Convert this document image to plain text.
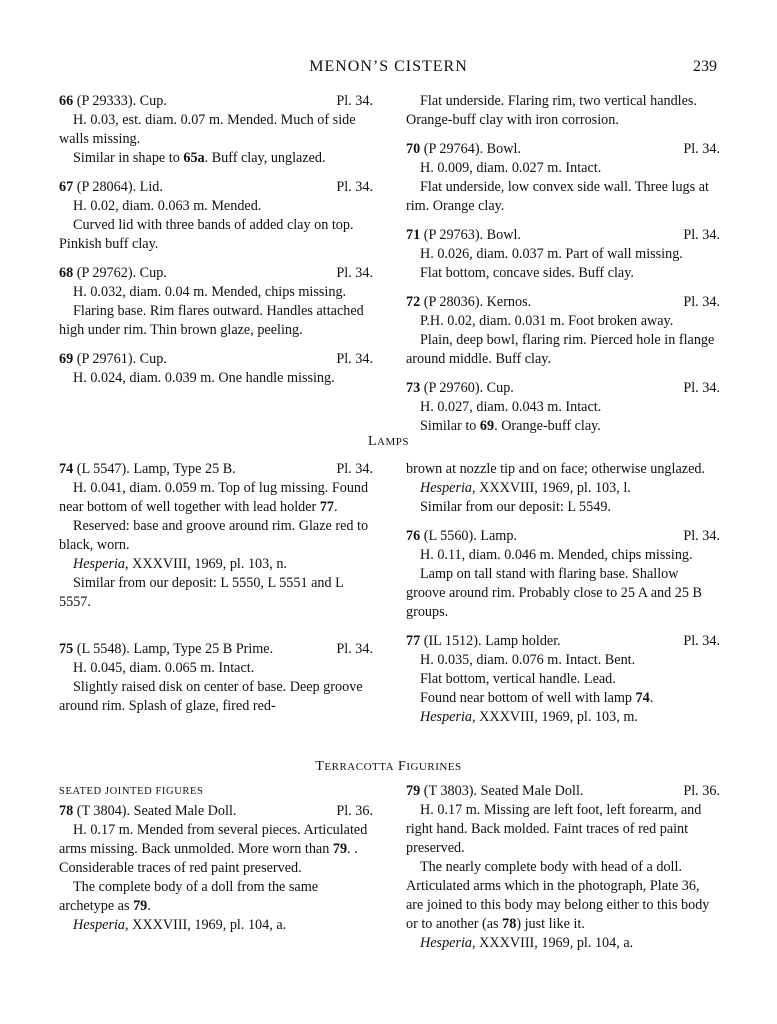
MENON’S CISTERN	239
66 (P 29333). Cup.	Pl. 34.

H. 0.03, est. diam. 0.07 m. Mended. Much of side walls missing.

Similar in shape to 65a. Buff clay, unglazed.

67 (P 28064). Lid.	Pl. 34.

H. 0.02, diam. 0.063 m. Mended.

Curved lid with three bands of added clay on top. Pinkish buff clay.

68 (P 29762). Cup.	Pl. 34.

H. 0.032, diam. 0.04 m. Mended, chips missing.

Flaring base. Rim flares outward. Handles attached high under rim. Thin brown glaze, peeling.

69 (P 29761). Cup.	Pl. 34.

H. 0.024, diam. 0.039 m. One handle missing.

Flat underside. Flaring rim, two vertical handles. Orange-buff clay with iron corrosion.

70 (P 29764). Bowl.	Pl. 34.

H. 0.009, diam. 0.027 m. Intact.

Flat underside, low convex side wall. Three lugs at rim. Orange clay.

71 (P 29763). Bowl.	Pl. 34.

H. 0.026, diam. 0.037 m. Part of wall missing.

Flat bottom, concave sides. Buff clay.

72 (P 28036). Kernos.	Pl. 34.

P.H. 0.02, diam. 0.031 m. Foot broken away.

Plain, deep bowl, flaring rim. Pierced hole in flange around middle. Buff clay.

73 (P 29760). Cup.	Pl. 34.

H. 0.027, diam. 0.043 m. Intact.

Similar to 69. Orange-buff clay.

LAMPS
74 (L 5547). Lamp, Type 25 B.	Pl. 34.

H. 0.041, diam. 0.059 m. Top of lug missing. Found near bottom of well together with lead holder 77.

Reserved: base and groove around rim. Glaze red to black, worn.

Hesperia, XXXVIII, 1969, pl. 103, n.

Similar from our deposit: L 5550, L 5551 and L 5557.

75 (L 5548). Lamp, Type 25 B Prime.	Pl. 34.

H. 0.045, diam. 0.065 m. Intact.

Slightly raised disk on center of base. Deep groove around rim. Splash of glaze, fired red-

brown at nozzle tip and on face; otherwise unglazed.

Hesperia, XXXVIII, 1969, pl. 103, l.

Similar from our deposit: L 5549.

76 (L 5560). Lamp.	Pl. 34.

H. 0.11, diam. 0.046 m. Mended, chips missing.

Lamp on tall stand with flaring base. Shallow groove around rim. Probably close to 25 A and 25 B groups.

77 (IL 1512). Lamp holder.	Pl. 34.

H. 0.035, diam. 0.076 m. Intact. Bent.

Flat bottom, vertical handle. Lead.

Found near bottom of well with lamp 74.

Hesperia, XXXVIII, 1969, pl. 103, m.

TERRACOTTA FIGURINES

SEATED JOINTED FIGURES

78 (T 3804). Seated Male Doll.	Pl. 36.

H. 0.17 m. Mended from several pieces. Articulated arms missing. Back unmolded. More worn than 79. . Considerable traces of red paint preserved.

The complete body of a doll from the same archetype as 79.

Hesperia, XXXVIII, 1969, pl. 104, a.

79 (T 3803). Seated Male Doll.	Pl. 36.

H. 0.17 m. Missing are left foot, left forearm, and right hand. Back molded. Faint traces of red paint preserved.

The nearly complete body with head of a doll. Articulated arms which in the photograph, Plate 36, are joined to this body may belong either to this body or to another (as 78) just like it.

Hesperia, XXXVIII, 1969, pl. 104, a.
